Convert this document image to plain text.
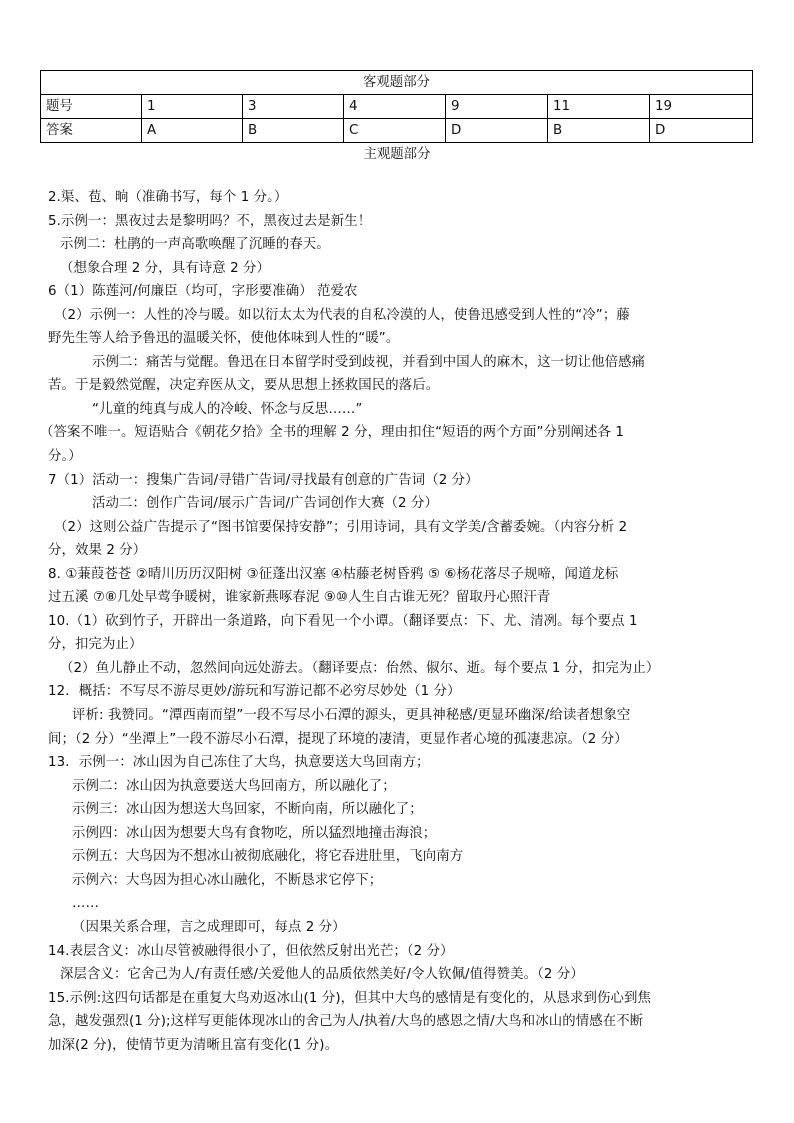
客观题部分						
题号	1	3	4	9	11	19
答案	A	B	C	D	B	D
主观题部分
2.渠、苞、晌（准确书写，每个 1 分。）
5.示例一：黑夜过去是黎明吗？不，黑夜过去是新生！
示例二：杜鹃的一声高歌唤醒了沉睡的春天。
（想象合理 2 分，具有诗意 2 分）
6（1）陈莲河/何廉臣（均可，字形要准确） 范爱农
（2）示例一：人性的冷与暖。如以衍太太为代表的自私冷漠的人，使鲁迅感受到人性的“冷”；藤
野先生等人给予鲁迅的温暖关怀，使他体味到人性的“暖”。
示例二：痛苦与觉醒。鲁迅在日本留学时受到歧视，并看到中国人的麻木，这一切让他倍感痛
苦。于是毅然觉醒，决定弃医从文，要从思想上拯救国民的落后。
“儿童的纯真与成人的冷峻、怀念与反思……”
（答案不唯一。短语贴合《朝花夕拾》全书的理解 2 分，理由扣住“短语的两个方面”分别阐述各 1
分。）
7（1）活动一：搜集广告词/寻错广告词/寻找最有创意的广告词（2 分）
活动二：创作广告词/展示广告词/广告词创作大赛（2 分）
（2）这则公益广告提示了“图书馆要保持安静”；引用诗词，具有文学美/含蓄委婉。（内容分析 2
分，效果 2 分）
8. ①蒹葭苍苍 ②晴川历历汉阳树 ③征蓬出汉塞 ④枯藤老树昏鸦 ⑤ ⑥杨花落尽子规啼，闻道龙标
过五溪 ⑦⑧几处早莺争暖树，谁家新燕啄春泥 ⑨⑩人生自古谁无死？留取丹心照汗青
10.（1）砍到竹子，开辟出一条道路，向下看见一个小谭。（翻译要点：下、尤、清冽。每个要点 1
分，扣完为止）
（2）鱼儿静止不动，忽然间向远处游去。（翻译要点：佁然、俶尔、逝。每个要点 1 分，扣完为止）
12．概括：不写尽不游尽更妙/游玩和写游记都不必穷尽妙处（1 分）
评析: 我赞同。“潭西南而望”一段不写尽小石潭的源头，更具神秘感/更显环幽深/给读者想象空
间；（2 分）“坐潭上”一段不游尽小石潭，提现了环境的凄清，更显作者心境的孤凄悲凉。（2 分）
13．示例一：冰山因为自己冻住了大鸟，执意要送大鸟回南方；
示例二：冰山因为执意要送大鸟回南方，所以融化了；
示例三：冰山因为想送大鸟回家，不断向南，所以融化了；
示例四：冰山因为想要大鸟有食物吃，所以猛烈地撞击海浪；
示例五：大鸟因为不想冰山被彻底融化，将它吞进肚里，飞向南方
示例六：大鸟因为担心冰山融化，不断恳求它停下；
……
（因果关系合理，言之成理即可，每点 2 分）
14.表层含义：冰山尽管被融得很小了，但依然反射出光芒；（2 分）
深层含义：它舍己为人/有责任感/关爱他人的品质依然美好/令人钦佩/值得赞美。（2 分）
15.示例:这四句话都是在重复大鸟劝返冰山(1 分)，但其中大鸟的感情是有变化的，从恳求到伤心到焦
急，越发强烈(1 分);这样写更能体现冰山的舍己为人/执着/大鸟的感恩之情/大鸟和冰山的情感在不断
加深(2 分)，使情节更为清晰且富有变化(1 分)。
